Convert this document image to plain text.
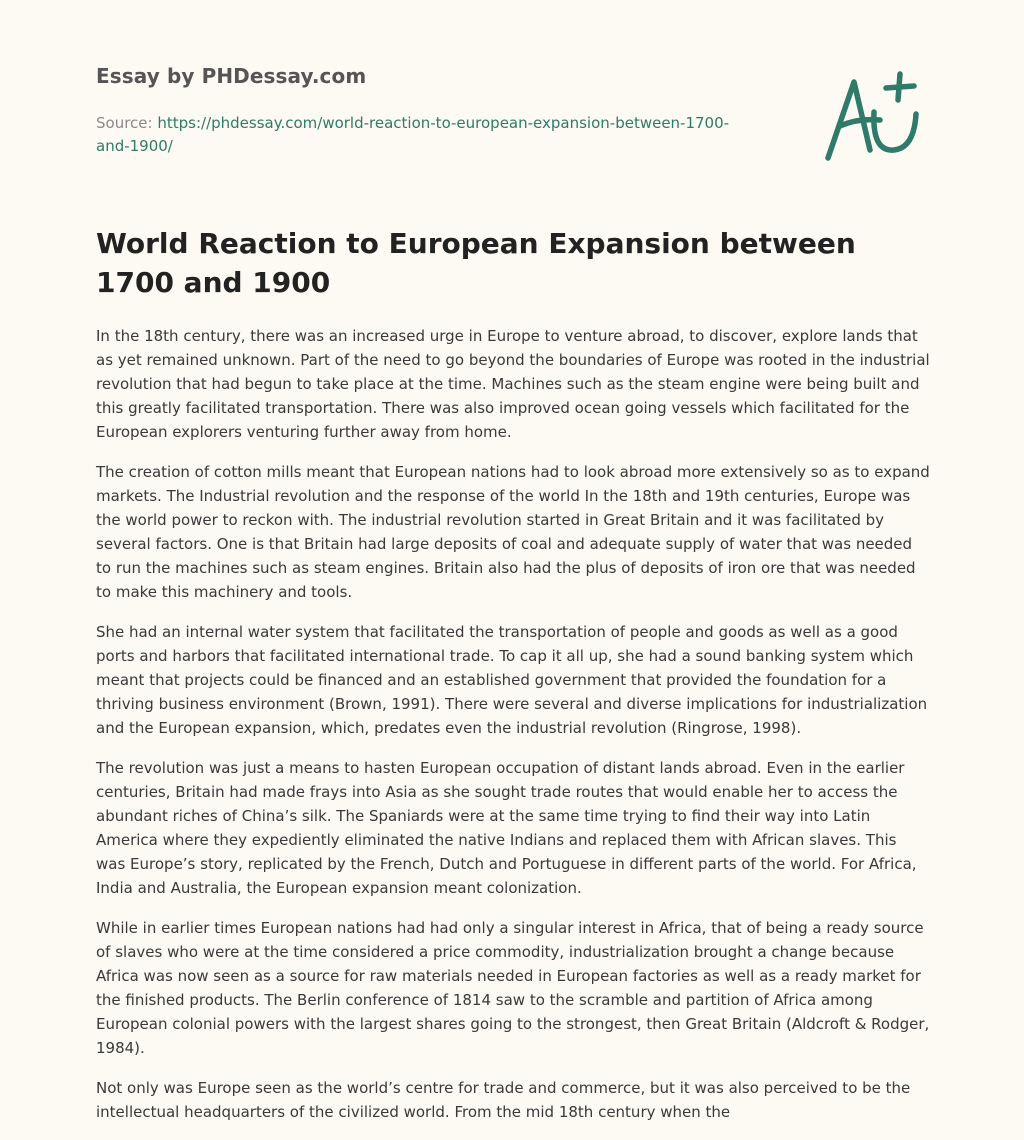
Essay by PHDessay.com
Source: https://phdessay.com/world-reaction-to-european-expansion-between-1700-and-1900/
World Reaction to European Expansion between 1700 and 1900

In the 18th century, there was an increased urge in Europe to venture abroad, to discover, explore lands that as yet remained unknown. Part of the need to go beyond the boundaries of Europe was rooted in the industrial revolution that had begun to take place at the time. Machines such as the steam engine were being built and this greatly facilitated transportation. There was also improved ocean going vessels which facilitated for the European explorers venturing further away from home.

The creation of cotton mills meant that European nations had to look abroad more extensively so as to expand markets. The Industrial revolution and the response of the world In the 18th and 19th centuries, Europe was the world power to reckon with. The industrial revolution started in Great Britain and it was facilitated by several factors. One is that Britain had large deposits of coal and adequate supply of water that was needed to run the machines such as steam engines. Britain also had the plus of deposits of iron ore that was needed to make this machinery and tools.

She had an internal water system that facilitated the transportation of people and goods as well as a good ports and harbors that facilitated international trade. To cap it all up, she had a sound banking system which meant that projects could be financed and an established government that provided the foundation for a thriving business environment (Brown, 1991). There were several and diverse implications for industrialization and the European expansion, which, predates even the industrial revolution (Ringrose, 1998).

The revolution was just a means to hasten European occupation of distant lands abroad. Even in the earlier centuries, Britain had made frays into Asia as she sought trade routes that would enable her to access the abundant riches of China’s silk. The Spaniards were at the same time trying to find their way into Latin America where they expediently eliminated the native Indians and replaced them with African slaves. This was Europe’s story, replicated by the French, Dutch and Portuguese in different parts of the world. For Africa, India and Australia, the European expansion meant colonization.

While in earlier times European nations had had only a singular interest in Africa, that of being a ready source of slaves who were at the time considered a price commodity, industrialization brought a change because Africa was now seen as a source for raw materials needed in European factories as well as a ready market for the finished products. The Berlin conference of 1814 saw to the scramble and partition of Africa among European colonial powers with the largest shares going to the strongest, then Great Britain (Aldcroft & Rodger, 1984).

Not only was Europe seen as the world’s centre for trade and commerce, but it was also perceived to be the intellectual headquarters of the civilized world. From the mid 18th century when the
